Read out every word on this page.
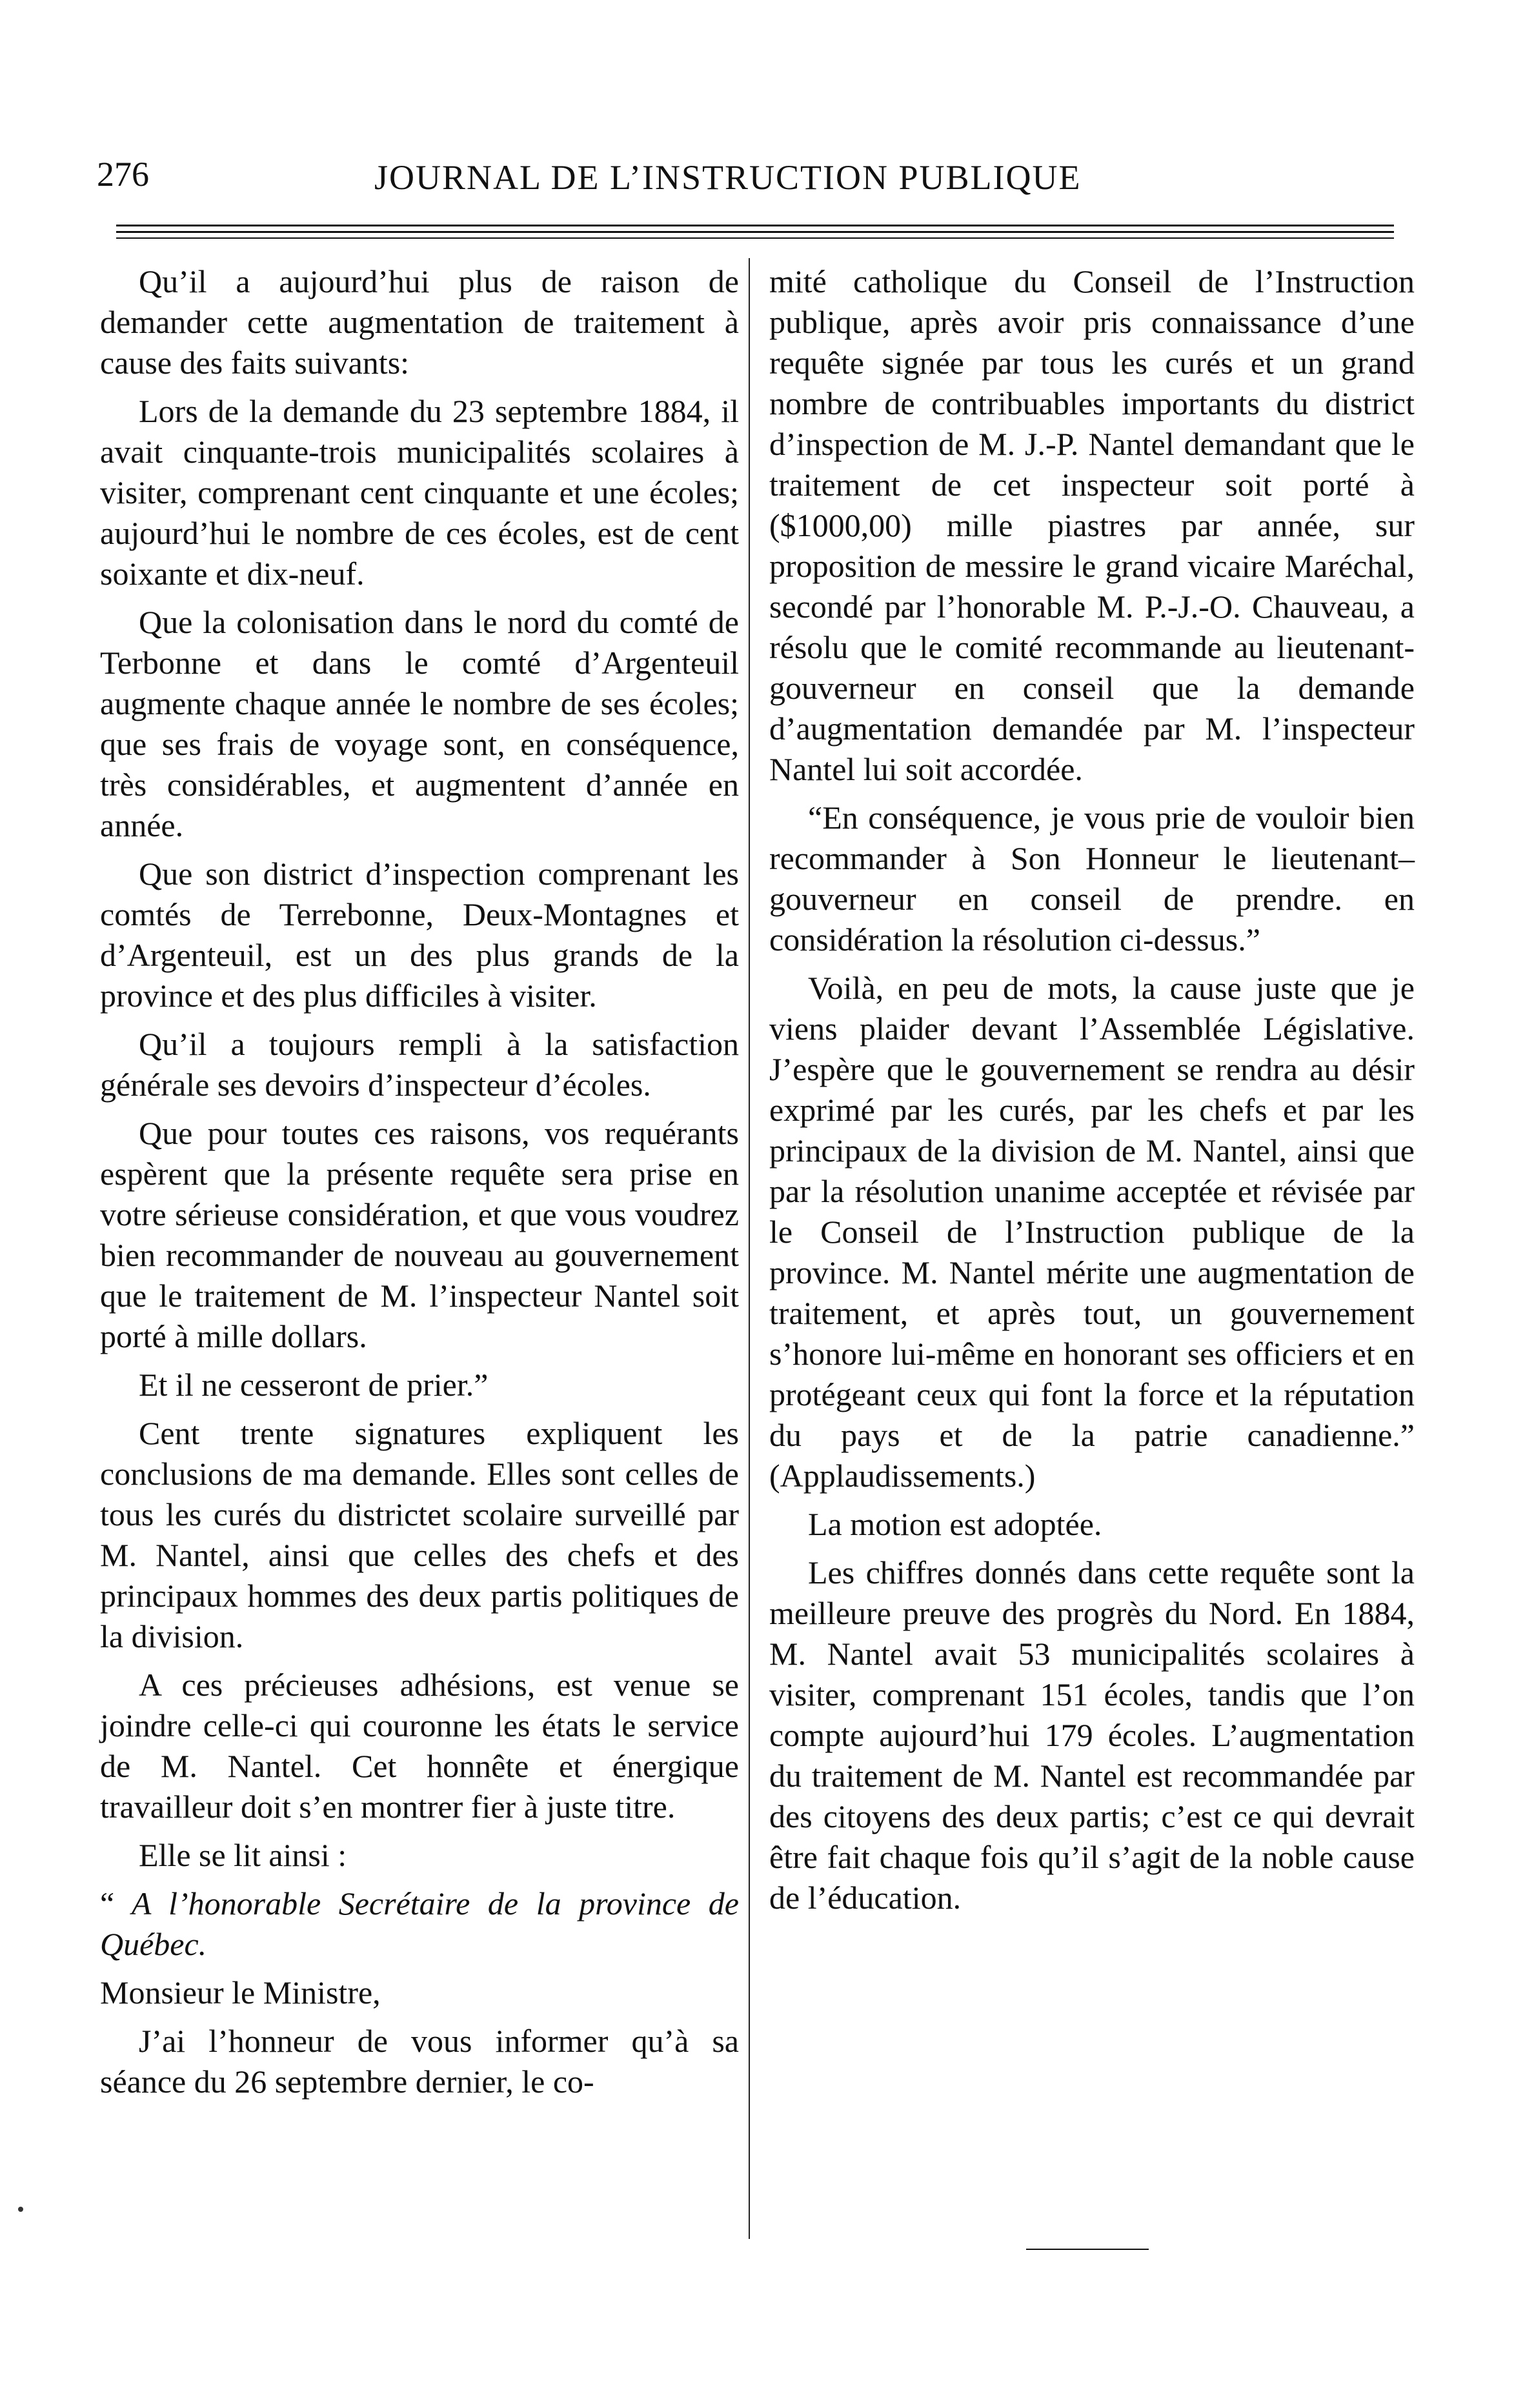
276	JOURNAL DE L’INSTRUCTION PUBLIQUE

Qu’il a aujourd’hui plus de raison de demander cette augmentation de traitement à cause des faits suivants:

Lors de la demande du 23 septembre 1884, il avait cinquante-trois municipalités scolaires à visiter, comprenant cent cinquante et une écoles; aujourd’hui le nombre de ces écoles, est de cent soixante et dix-neuf.

Que la colonisation dans le nord du comté de Terbonne et dans le comté d’Argenteuil augmente chaque année le nombre de ses écoles; que ses frais de voyage sont, en conséquence, très considérables, et augmentent d’année en année.

Que son district d’inspection comprenant les comtés de Terrebonne, Deux-Montagnes et d’Argenteuil, est un des plus grands de la province et des plus difficiles à visiter.

Qu’il a toujours rempli à la satisfaction générale ses devoirs d’inspecteur d’écoles.

Que pour toutes ces raisons, vos requérants espèrent que la présente requête sera prise en votre sérieuse considération, et que vous voudrez bien recommander de nouveau au gouvernement que le traitement de M. l’inspecteur Nantel soit porté à mille dollars.

Et il ne cesseront de prier.”

Cent trente signatures expliquent les conclusions de ma demande. Elles sont celles de tous les curés du districtet scolaire surveillé par M. Nantel, ainsi que celles des chefs et des principaux hommes des deux partis politiques de la division.

A ces précieuses adhésions, est venue se joindre celle-ci qui couronne les états le service de M. Nantel. Cet honnête et énergique travailleur doit s’en montrer fier à juste titre.

Elle se lit ainsi :

“ A l’honorable Secrétaire de la province de Québec.

Monsieur le Ministre,

J’ai l’honneur de vous informer qu’à sa séance du 26 septembre dernier, le co-

mité catholique du Conseil de l’Instruction publique, après avoir pris connaissance d’une requête signée par tous les curés et un grand nombre de contribuables importants du district d’inspection de M. J.-P. Nantel demandant que le traitement de cet inspecteur soit porté à ($1000,00) mille piastres par année, sur proposition de messire le grand vicaire Maréchal, secondé par l’honorable M. P.-J.-O. Chauveau, a résolu que le comité recommande au lieutenant-gouverneur en conseil que la demande d’augmentation demandée par M. l’inspecteur Nantel lui soit accordée.

“En conséquence, je vous prie de vouloir bien recommander à Son Honneur le lieutenant–gouverneur en conseil de prendre. en considération la résolution ci-dessus.”

Voilà, en peu de mots, la cause juste que je viens plaider devant l’Assemblée Législative. J’espère que le gouvernement se rendra au désir exprimé par les curés, par les chefs et par les principaux de la division de M. Nantel, ainsi que par la résolution unanime acceptée et révisée par le Conseil de l’Instruction publique de la province. M. Nantel mérite une augmentation de traitement, et après tout, un gouvernement s’honore lui-même en honorant ses officiers et en protégeant ceux qui font la force et la réputation du pays et de la patrie canadienne.” (Applaudissements.)

La motion est adoptée.

Les chiffres donnés dans cette requête sont la meilleure preuve des progrès du Nord. En 1884, M. Nantel avait 53 municipalités scolaires à visiter, comprenant 151 écoles, tandis que l’on compte aujourd’hui 179 écoles. L’augmentation du traitement de M. Nantel est recommandée par des citoyens des deux partis; c’est ce qui devrait être fait chaque fois qu’il s’agit de la noble cause de l’éducation.
